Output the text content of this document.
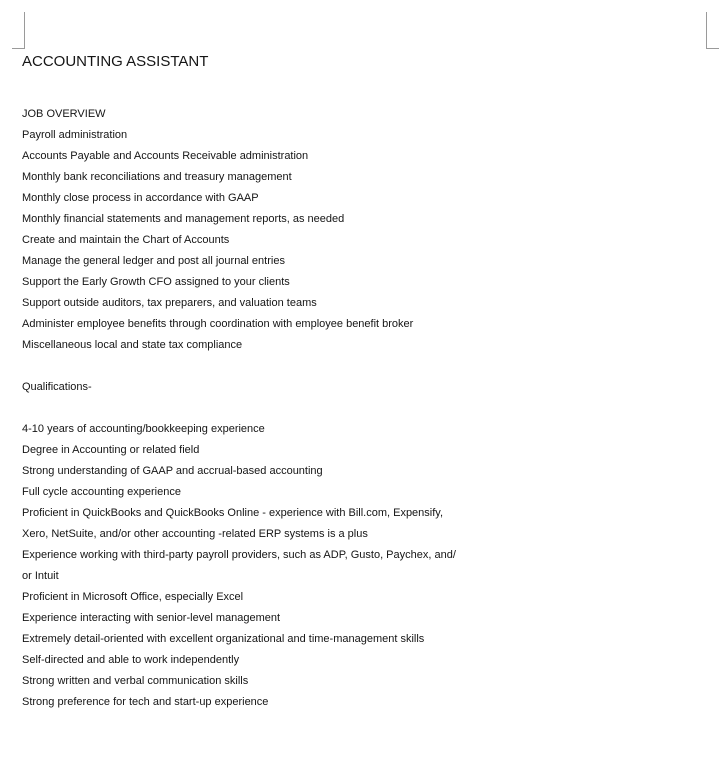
ACCOUNTING ASSISTANT
JOB OVERVIEW
Payroll administration
Accounts Payable and Accounts Receivable administration
Monthly bank reconciliations and treasury management
Monthly close process in accordance with GAAP
Monthly financial statements and management reports, as needed
Create and maintain the Chart of Accounts
Manage the general ledger and post all journal entries
Support the Early Growth CFO assigned to your clients
Support outside auditors, tax preparers, and valuation teams
Administer employee benefits through coordination with employee benefit broker
Miscellaneous local and state tax compliance
Qualifications-
4-10 years of accounting/bookkeeping experience
Degree in Accounting or related field
Strong understanding of GAAP and accrual-based accounting
Full cycle accounting experience
Proficient in QuickBooks and QuickBooks Online - experience with Bill.com, Expensify,
Xero, NetSuite, and/or other accounting -related ERP systems is a plus
Experience working with third-party payroll providers, such as ADP, Gusto, Paychex, and/
or Intuit
Proficient in Microsoft Office, especially Excel
Experience interacting with senior-level management
Extremely detail-oriented with excellent organizational and time-management skills
Self-directed and able to work independently
Strong written and verbal communication skills
Strong preference for tech and start-up experience
